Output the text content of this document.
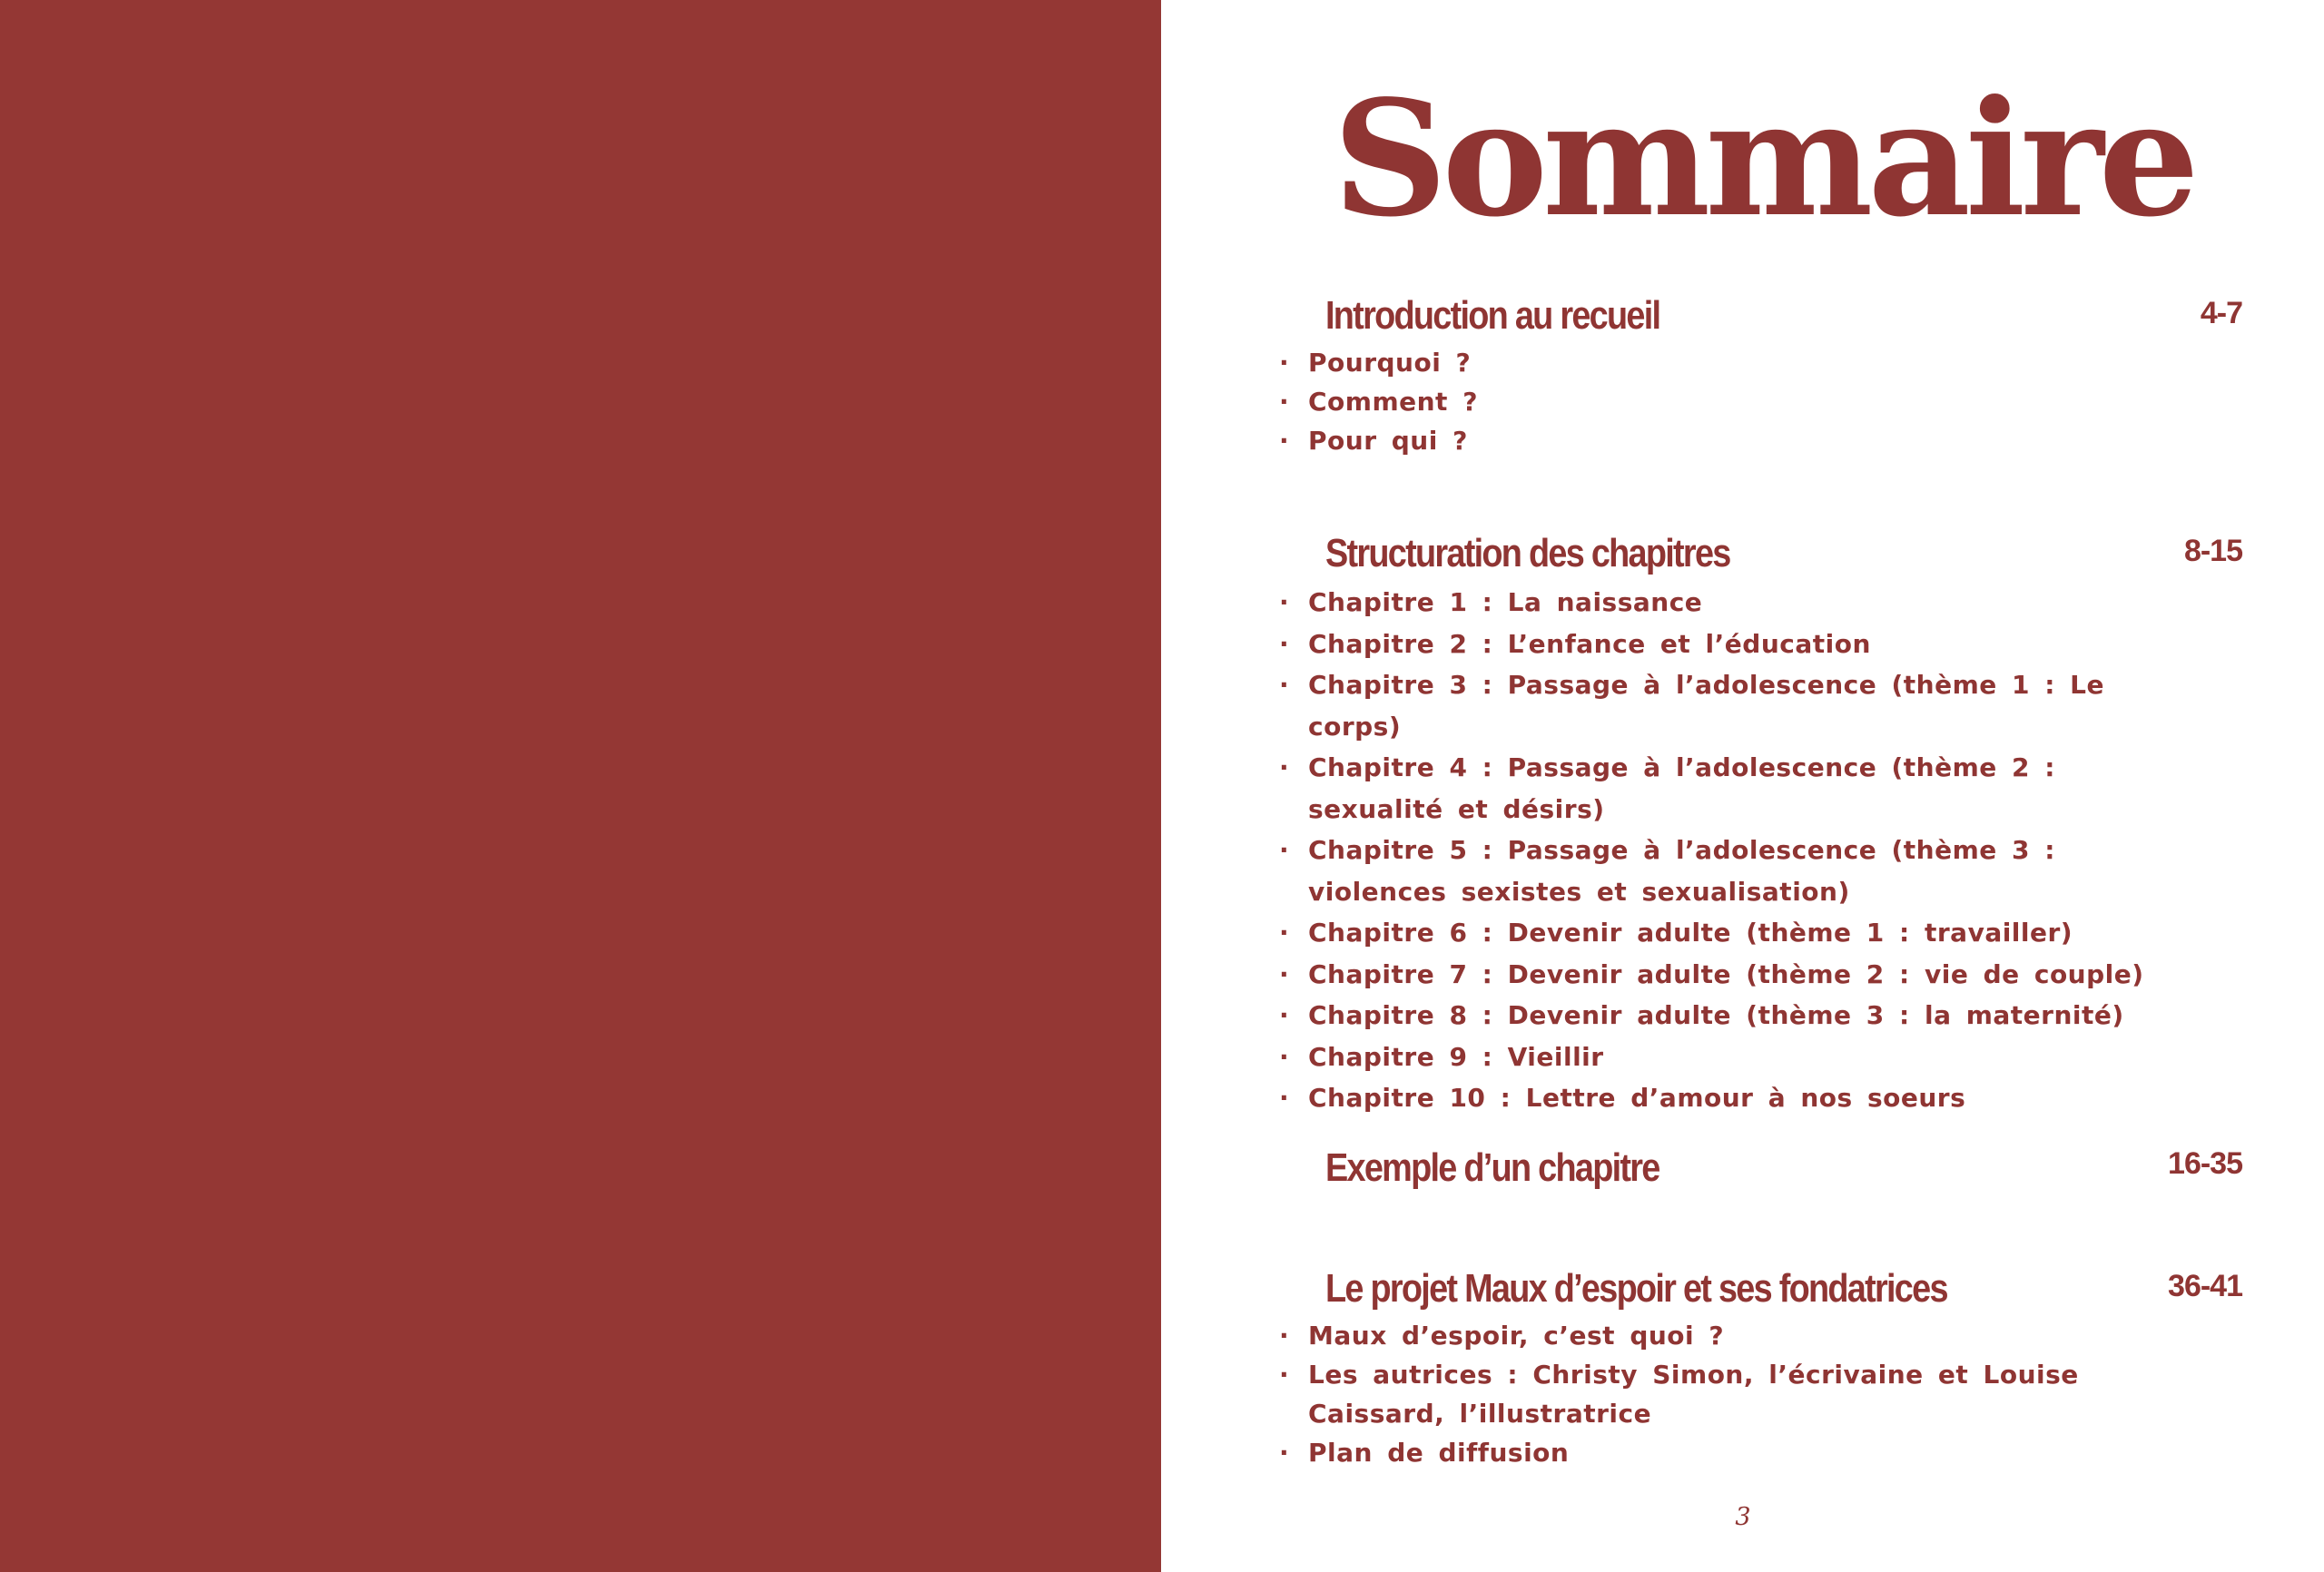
Sommaire
Introduction au recueil	4-7
· Pourquoi ?
· Comment ?
· Pour qui ?
Structuration des chapitres	8-15
· Chapitre 1 : La naissance
· Chapitre 2 : L’enfance et l’éducation
· Chapitre 3 : Passage à l’adolescence (thème 1 : Le corps)
· Chapitre 4 : Passage à l’adolescence (thème 2 : sexualité et désirs)
· Chapitre 5 : Passage à l’adolescence (thème 3 : violences sexistes et sexualisation)
· Chapitre 6 : Devenir adulte (thème 1 : travailler)
· Chapitre 7 : Devenir adulte (thème 2 : vie de couple)
· Chapitre 8 : Devenir adulte (thème 3 : la maternité)
· Chapitre 9 : Vieillir
· Chapitre 10 : Lettre d’amour à nos soeurs
Exemple d’un chapitre	16-35
Le projet Maux d’espoir et ses fondatrices	36-41
· Maux d’espoir, c’est quoi ?
· Les autrices : Christy Simon, l’écrivaine et Louise Caissard, l’illustratrice
· Plan de diffusion
3
